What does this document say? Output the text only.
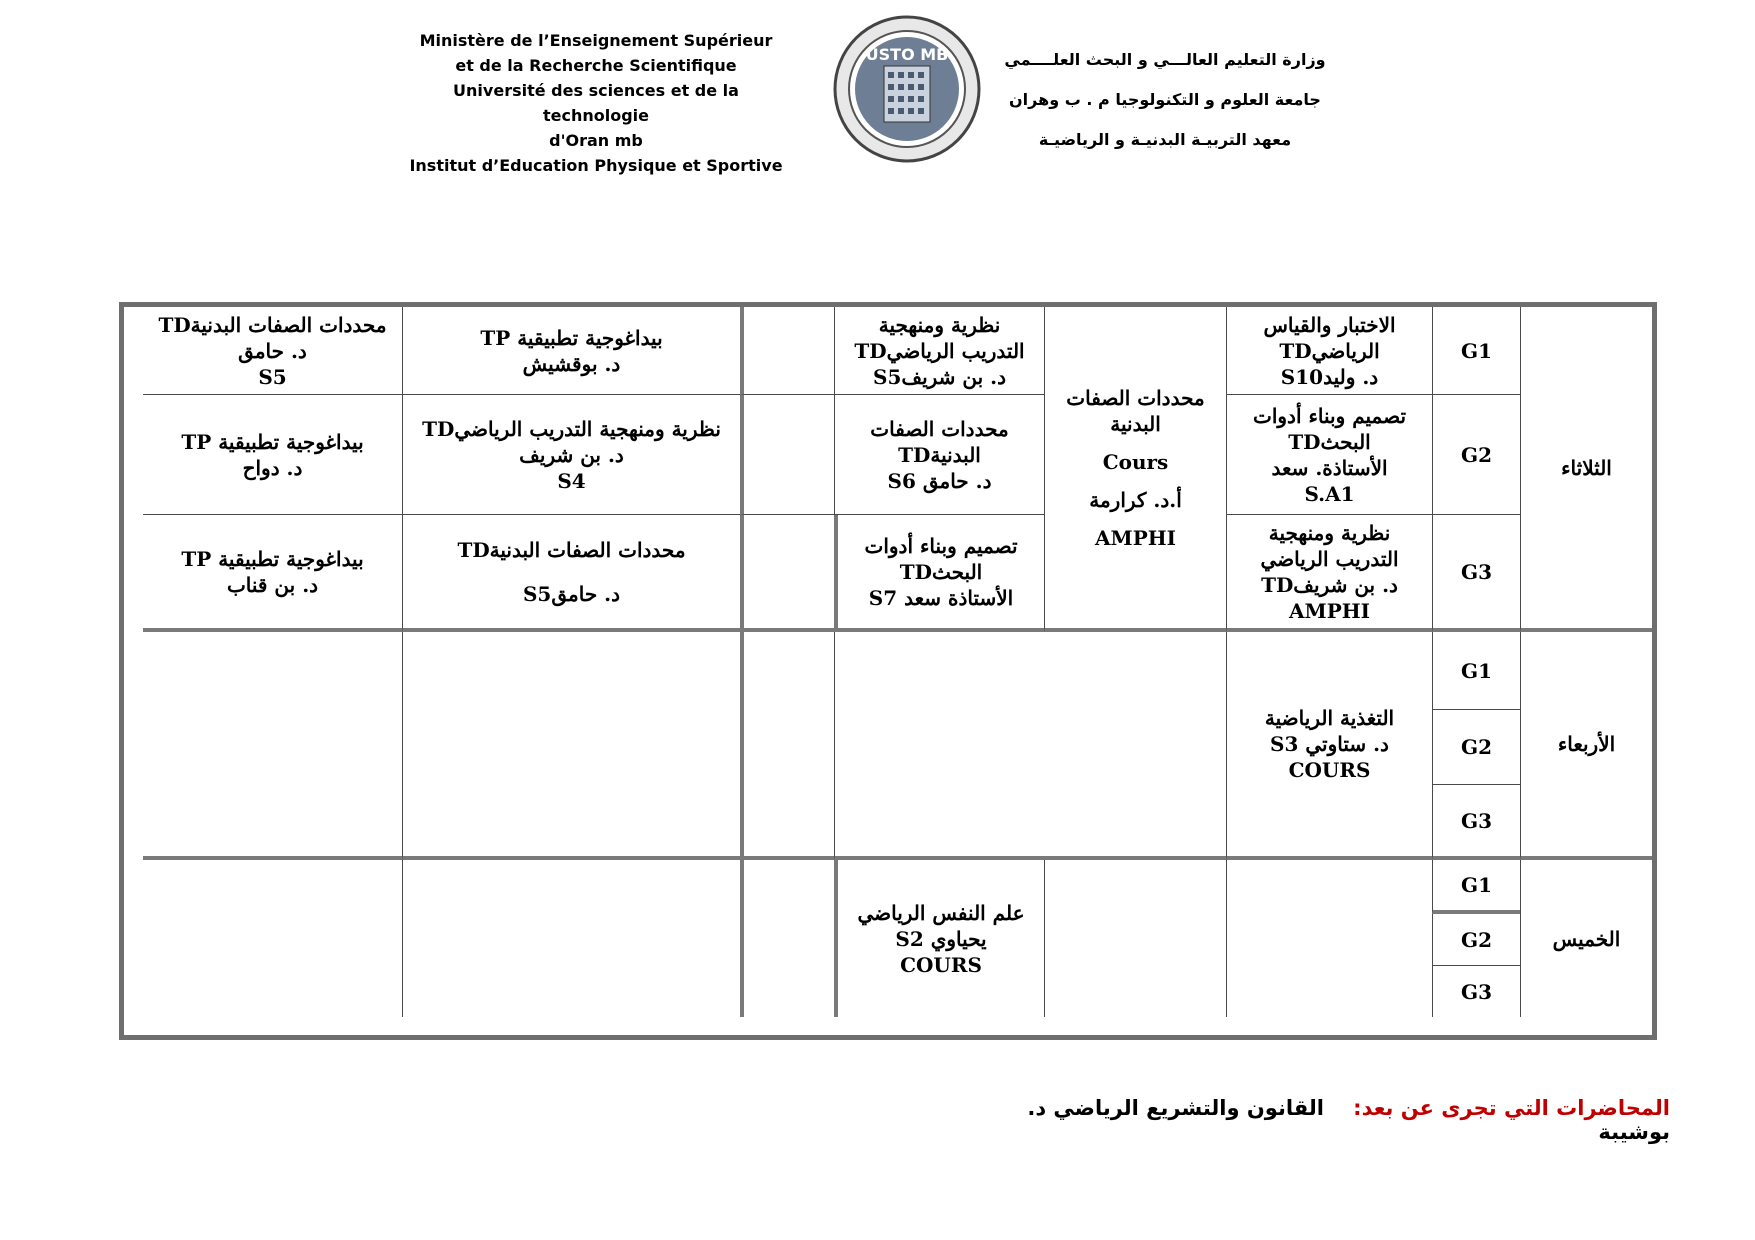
Ministère de l’Enseignement Supérieur
et de la Recherche Scientifique
Université des sciences et de la technologie
d'Oran mb
Institut d’Education Physique et Sportive
USTO MB	وزارة التعليم العالـــي و البحث العلــــمي
جامعة العلوم و التكنولوجيا م . ب وهران
معهد التربيـة البدنيـة و الرياضيـة
الثلاثاء
G1
G2
G3
الاختبار والقياس
الرياضيTD
د. وليدS10
تصميم وبناء أدوات
البحثTD
الأستاذة. سعد
S.A1
نظرية ومنهجية
التدريب الرياضي
د. بن شريفTD
AMPHI
محددات الصفات
البدنية
Cours
أ.د. كرارمة
AMPHI
نظرية ومنهجية
التدريب الرياضيTD
د. بن شريفS5
محددات الصفات
البدنيةTD
د. حامق S6
تصميم وبناء أدوات
البحثTD
الأستاذة سعد S7
بيداغوجية تطبيقية TP
د. بوقشيش
نظرية ومنهجية التدريب الرياضيTD
د. بن شريف
S4
محددات الصفات البدنيةTD
د. حامقS5
محددات الصفات البدنيةTD
د. حامق
S5
بيداغوجية تطبيقية TP
د. دواح
بيداغوجية تطبيقية TP
د. بن قناب
الأربعاء
G1
G2
G3
التغذية الرياضية
د. ستاوتي S3
COURS
الخميس
G1
G2
G3
علم النفس الرياضي
يحياوي S2
COURS
المحاضرات التي تجرى عن بعد:    القانون والتشريع الرياضي د. بوشيبة
